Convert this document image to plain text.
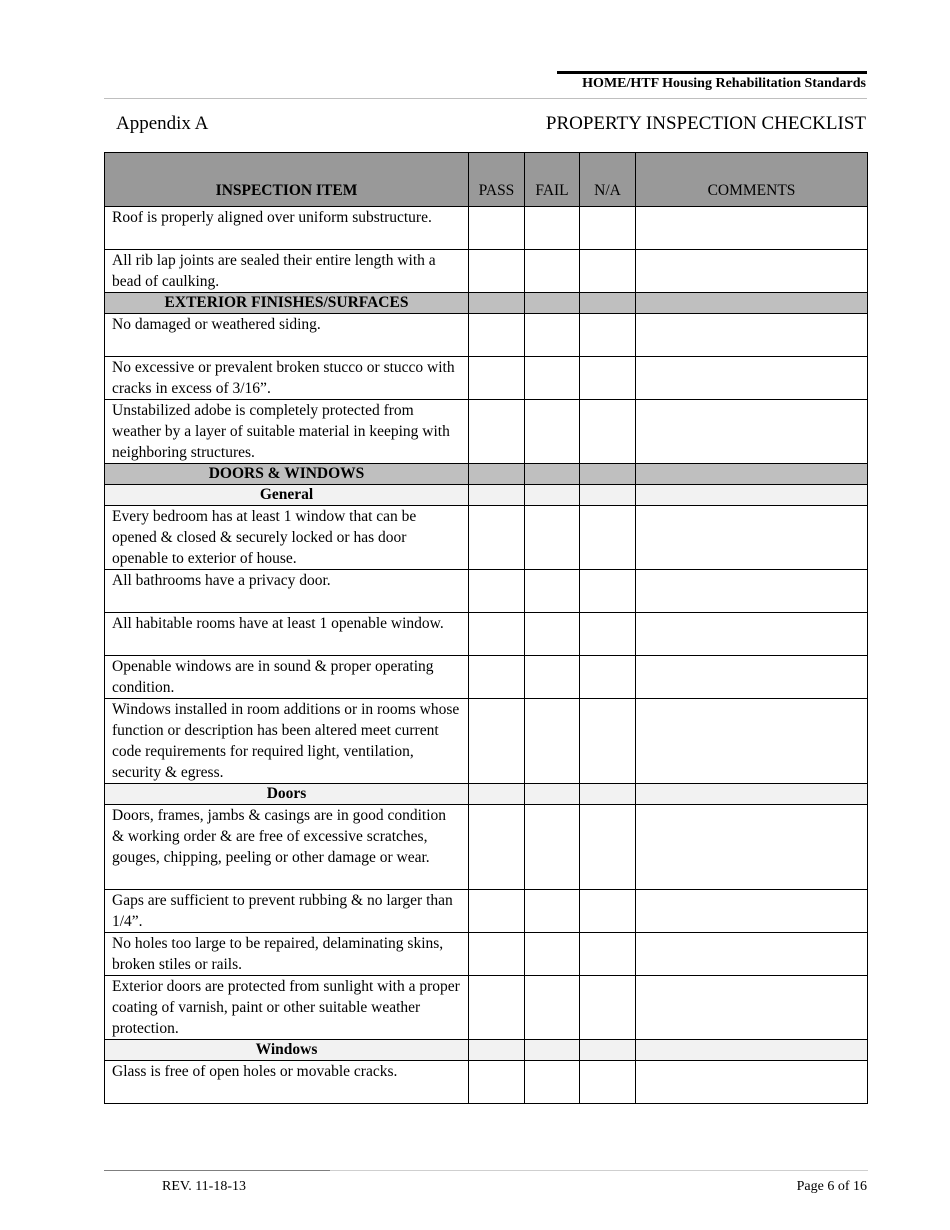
HOME/HTF Housing Rehabilitation Standards
Appendix A	PROPERTY INSPECTION CHECKLIST
INSPECTION ITEM	PASS	FAIL	N/A	COMMENTS
Roof is properly aligned over uniform substructure.				
All rib lap joints are sealed their entire length with a bead of caulking.				
EXTERIOR FINISHES/SURFACES				
No damaged or weathered siding.				
No excessive or prevalent broken stucco or stucco with cracks in excess of 3/16”.				
Unstabilized adobe is completely protected from weather by a layer of suitable material in keeping with neighboring structures.				
DOORS & WINDOWS				
General				
Every bedroom has at least 1 window that can be opened & closed & securely locked or has door openable to exterior of house.				
All bathrooms have a privacy door.				
All habitable rooms have at least 1 openable window.				
Openable windows are in sound & proper operating condition.				
Windows installed in room additions or in rooms whose function or description has been altered meet current code requirements for required light, ventilation, security & egress.				
Doors				
Doors, frames, jambs & casings are in good condition & working order & are free of excessive scratches, gouges, chipping, peeling or other damage or wear.				
Gaps are sufficient to prevent rubbing & no larger than 1/4”.				
No holes too large to be repaired, delaminating skins, broken stiles or rails.				
Exterior doors are protected from sunlight with a proper coating of varnish, paint or other suitable weather protection.				
Windows				
Glass is free of open holes or movable cracks.				
REV. 11-18-13	Page 6 of 16
